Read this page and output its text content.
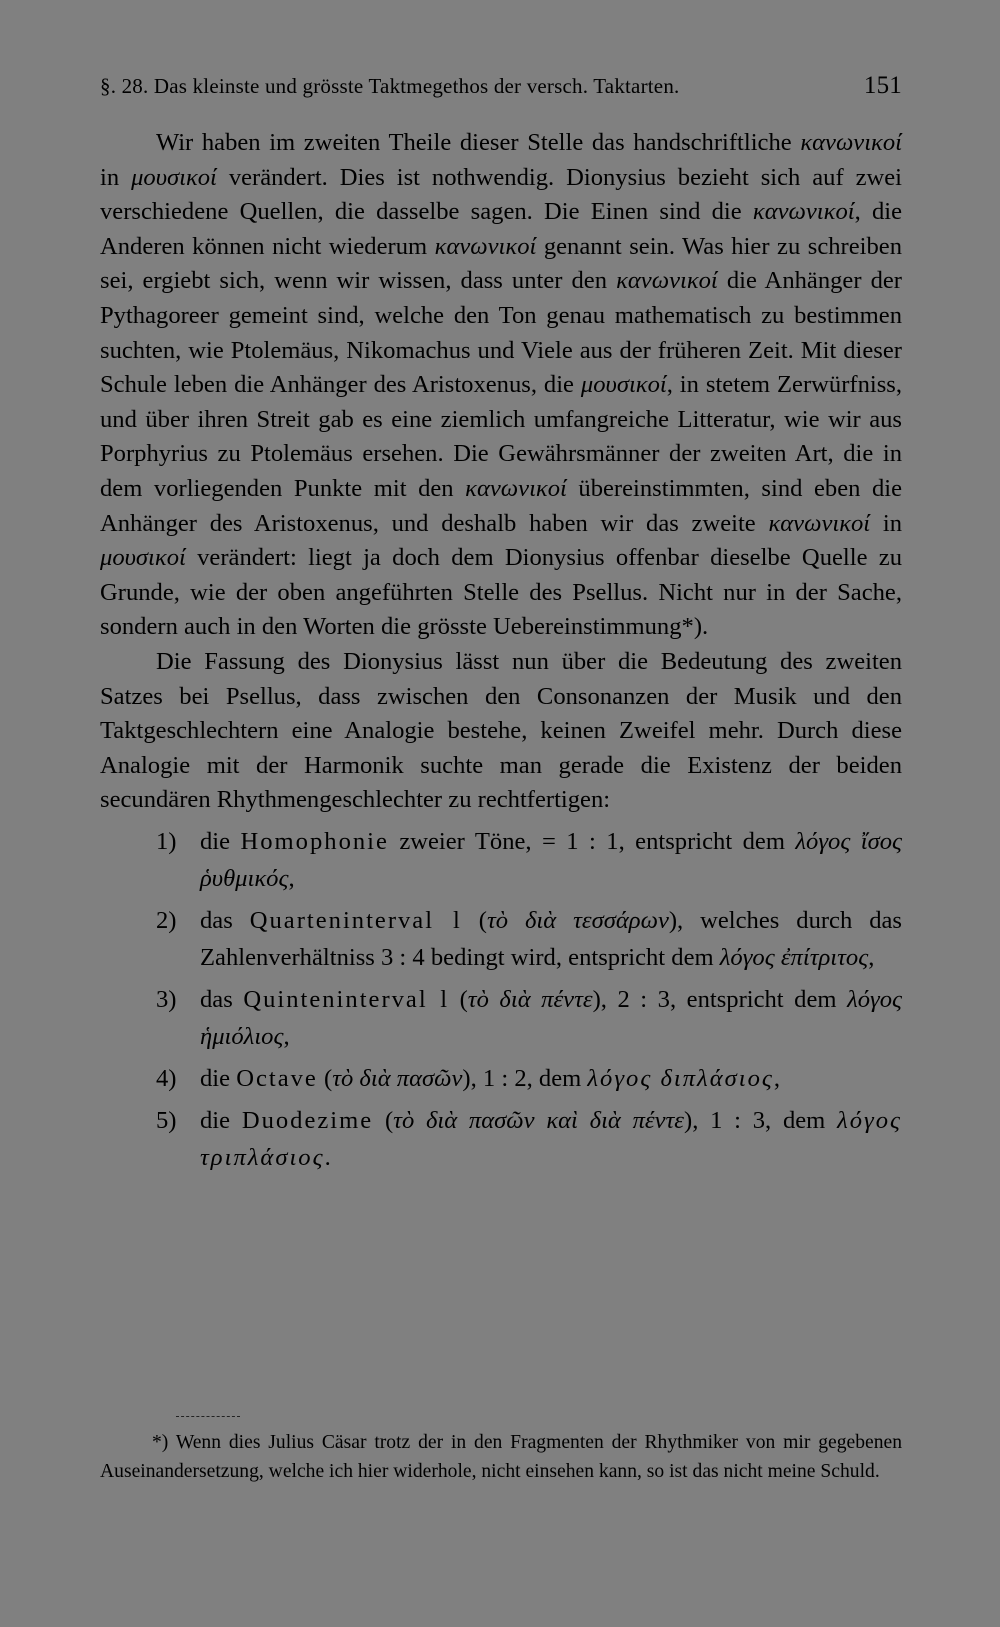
§. 28. Das kleinste und grösste Taktmegethos der versch. Taktarten.	151

Wir haben im zweiten Theile dieser Stelle das handschriftliche κανωνικοί in μουσικοί verändert. Dies ist nothwendig. Dionysius bezieht sich auf zwei verschiedene Quellen, die dasselbe sagen. Die Einen sind die κανωνικοί, die Anderen können nicht wiederum κανωνικοί genannt sein. Was hier zu schreiben sei, ergiebt sich, wenn wir wissen, dass unter den κανωνικοί die Anhänger der Pythagoreer gemeint sind, welche den Ton genau mathematisch zu bestimmen suchten, wie Ptolemäus, Nikomachus und Viele aus der früheren Zeit. Mit dieser Schule leben die Anhänger des Aristoxenus, die μουσικοί, in stetem Zerwürfniss, und über ihren Streit gab es eine ziemlich umfangreiche Litteratur, wie wir aus Porphyrius zu Ptolemäus ersehen. Die Gewährsmänner der zweiten Art, die in dem vorliegenden Punkte mit den κανωνικοί übereinstimmten, sind eben die Anhänger des Aristoxenus, und deshalb haben wir das zweite κανωνικοί in μουσικοί verändert: liegt ja doch dem Dionysius offenbar dieselbe Quelle zu Grunde, wie der oben angeführten Stelle des Psellus. Nicht nur in der Sache, sondern auch in den Worten die grösste Uebereinstimmung*).

Die Fassung des Dionysius lässt nun über die Bedeutung des zweiten Satzes bei Psellus, dass zwischen den Consonanzen der Musik und den Taktgeschlechtern eine Analogie bestehe, keinen Zweifel mehr. Durch diese Analogie mit der Harmonik suchte man gerade die Existenz der beiden secundären Rhythmengeschlechter zu rechtfertigen:

1) die Homophonie zweier Töne, = 1 : 1, entspricht dem λόγος ἴσος ῥυθμικός,
2) das Quarteninterval l (τὸ διὰ τεσσάρων), welches durch das Zahlenverhältniss 3 : 4 bedingt wird, entspricht dem λόγος ἐπίτριτος,
3) das Quinteninterval l (τὸ διὰ πέντε), 2 : 3, entspricht dem λόγος ἡμιόλιος,
4) die Octave (τὸ διὰ πασῶν), 1 : 2, dem λόγος διπλάσιος,
5) die Duodezime (τὸ διὰ πασῶν καὶ διὰ πέντε), 1 : 3, dem λόγος τριπλάσιος.

*) Wenn dies Julius Cäsar trotz der in den Fragmenten der Rhythmiker von mir gegebenen Auseinandersetzung, welche ich hier widerhole, nicht einsehen kann, so ist das nicht meine Schuld.
